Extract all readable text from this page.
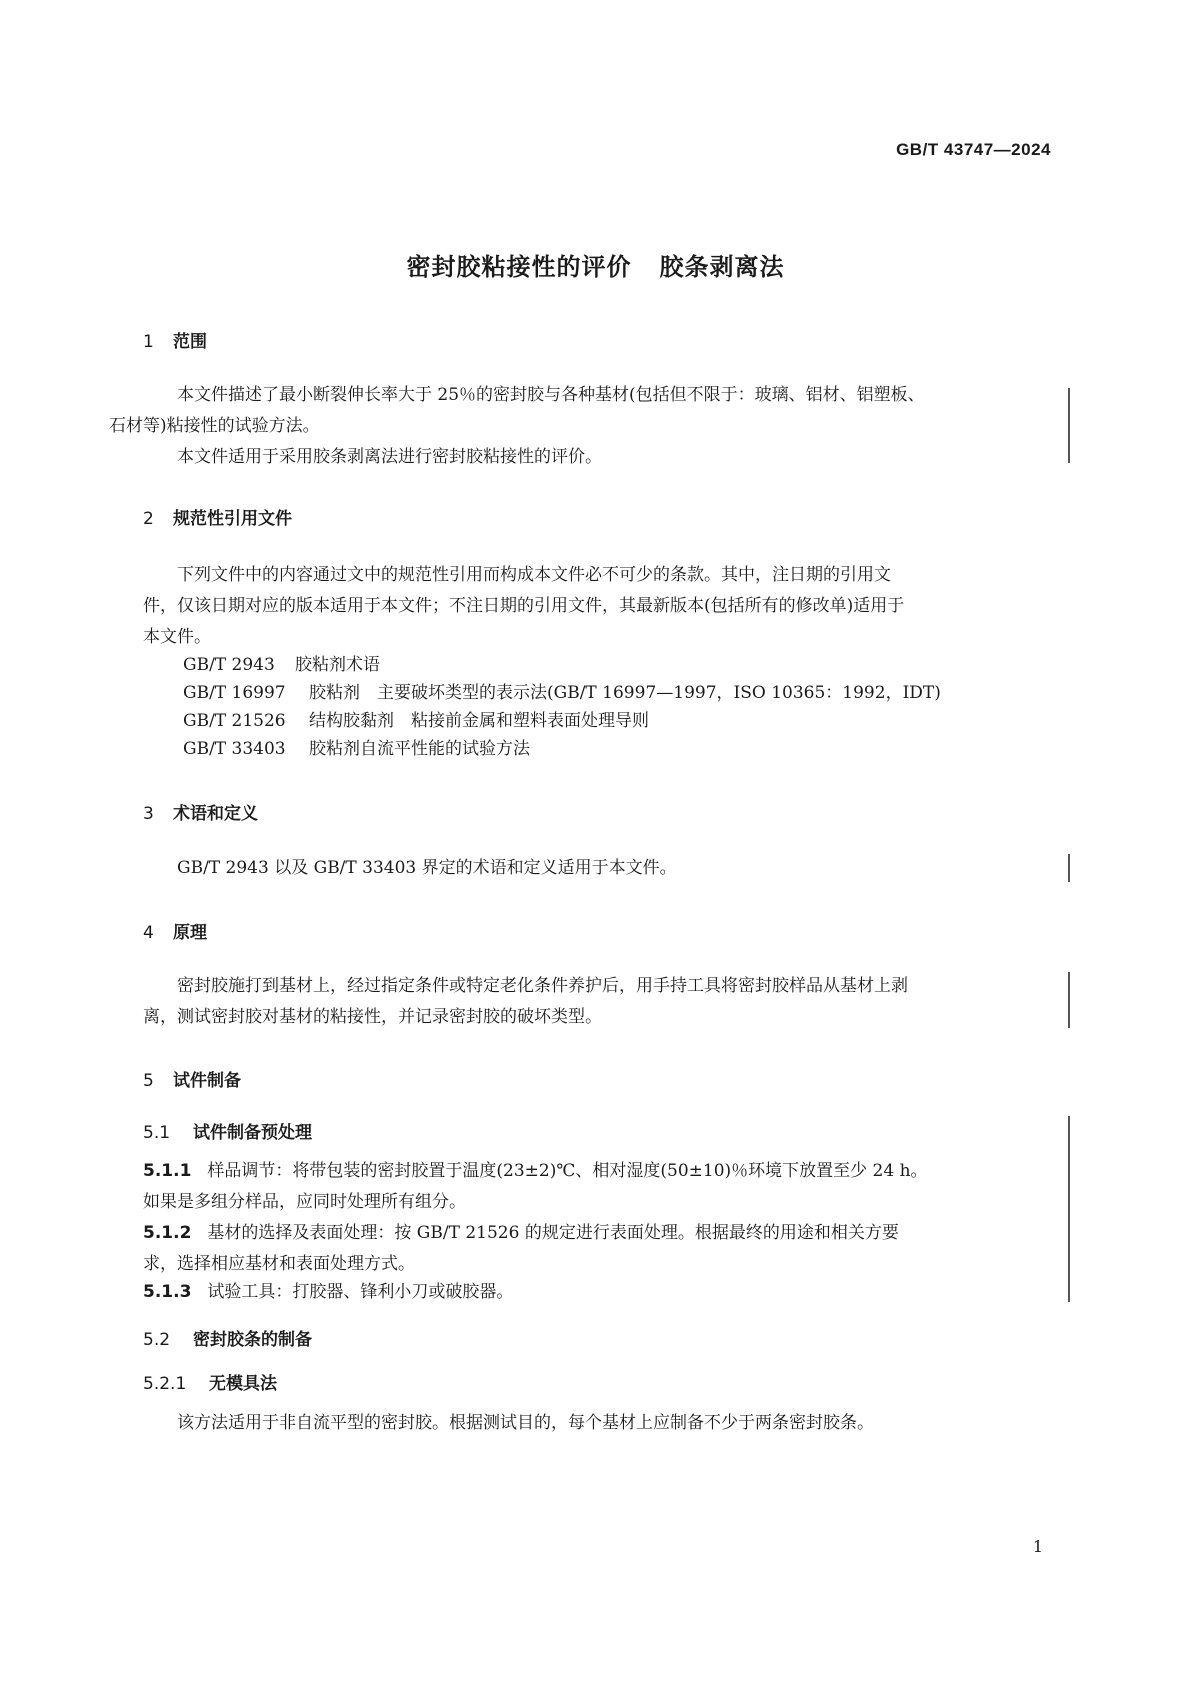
GB/T 43747—2024
密封胶粘接性的评价 胶条剥离法
1 范围
本文件描述了最小断裂伸长率大于 25％的密封胶与各种基材(包括但不限于：玻璃、铝材、铝塑板、
石材等)粘接性的试验方法。
本文件适用于采用胶条剥离法进行密封胶粘接性的评价。
2 规范性引用文件
下列文件中的内容通过文中的规范性引用而构成本文件必不可少的条款。其中，注日期的引用文
件，仅该日期对应的版本适用于本文件；不注日期的引用文件，其最新版本(包括所有的修改单)适用于
本文件。
GB/T 2943 胶粘剂术语
GB/T 16997 胶粘剂　主要破坏类型的表示法(GB/T 16997—1997，ISO 10365：1992，IDT)
GB/T 21526 结构胶黏剂　粘接前金属和塑料表面处理导则
GB/T 33403 胶粘剂自流平性能的试验方法
3 术语和定义
GB/T 2943 以及 GB/T 33403 界定的术语和定义适用于本文件。
4 原理
密封胶施打到基材上，经过指定条件或特定老化条件养护后，用手持工具将密封胶样品从基材上剥
离，测试密封胶对基材的粘接性，并记录密封胶的破坏类型。
5 试件制备
5.1 试件制备预处理
5.1.1 样品调节：将带包装的密封胶置于温度(23±2)℃、相对湿度(50±10)％环境下放置至少 24 h。
如果是多组分样品，应同时处理所有组分。
5.1.2 基材的选择及表面处理：按 GB/T 21526 的规定进行表面处理。根据最终的用途和相关方要
求，选择相应基材和表面处理方式。
5.1.3 试验工具：打胶器、锋利小刀或破胶器。
5.2 密封胶条的制备
5.2.1 无模具法
该方法适用于非自流平型的密封胶。根据测试目的，每个基材上应制备不少于两条密封胶条。
1
